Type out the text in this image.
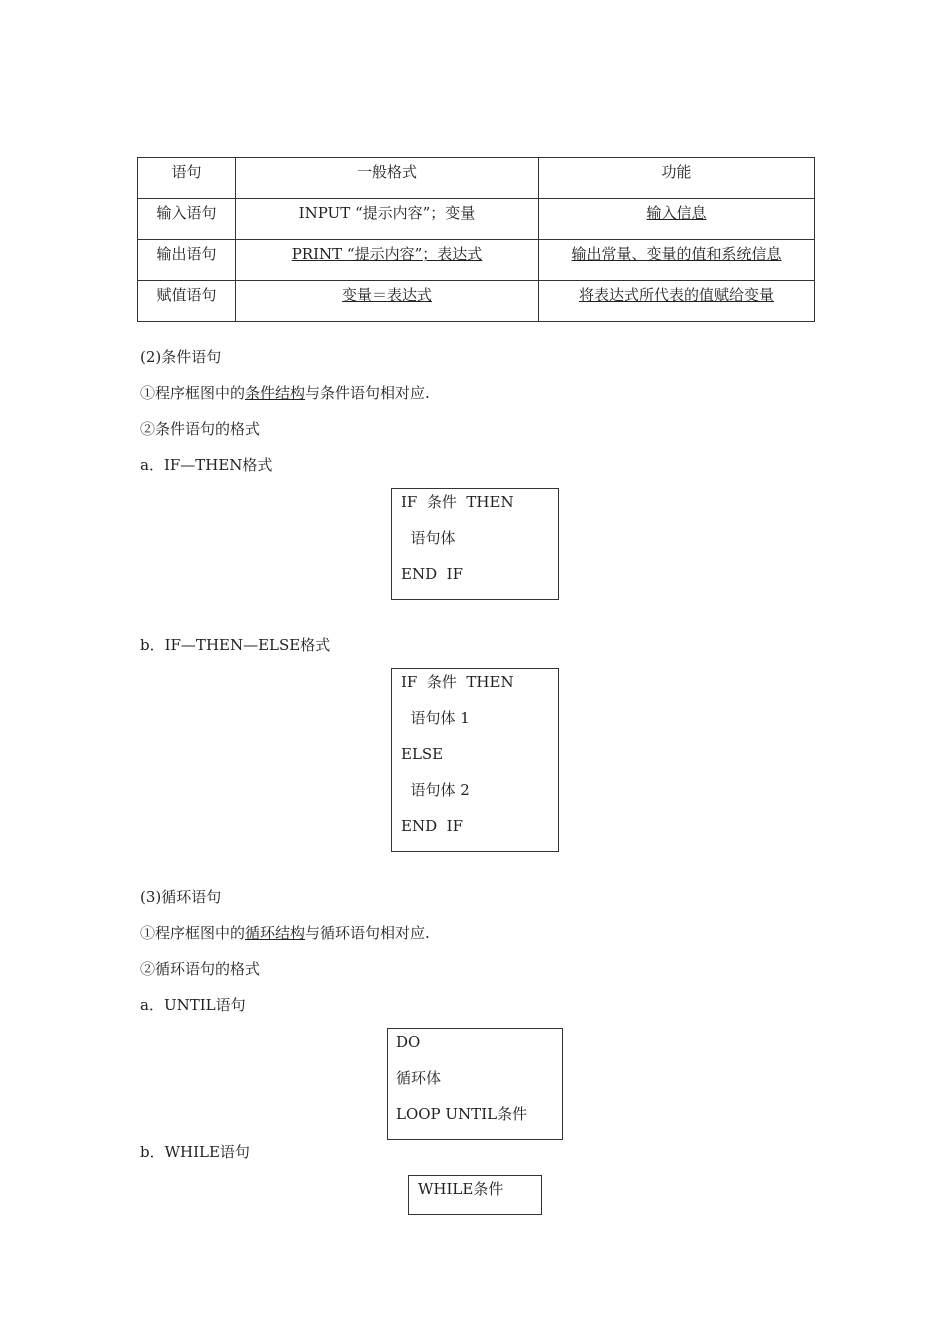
语句	一般格式	功能
输入语句	INPUT “提示内容”；变量	输入信息
输出语句	PRINT “提示内容”；表达式	输出常量、变量的值和系统信息
赋值语句	变量＝表达式	将表达式所代表的值赋给变量
(2)条件语句
①程序框图中的条件结构与条件语句相对应.
②条件语句的格式
a．IF—THEN格式
IF  条件  THEN
语句体
END  IF
b．IF—THEN—ELSE格式
IF  条件  THEN
语句体 1
ELSE
语句体 2
END  IF
(3)循环语句
①程序框图中的循环结构与循环语句相对应.
②循环语句的格式
a．UNTIL语句
DO
循环体
LOOP UNTIL条件
b．WHILE语句
WHILE条件
